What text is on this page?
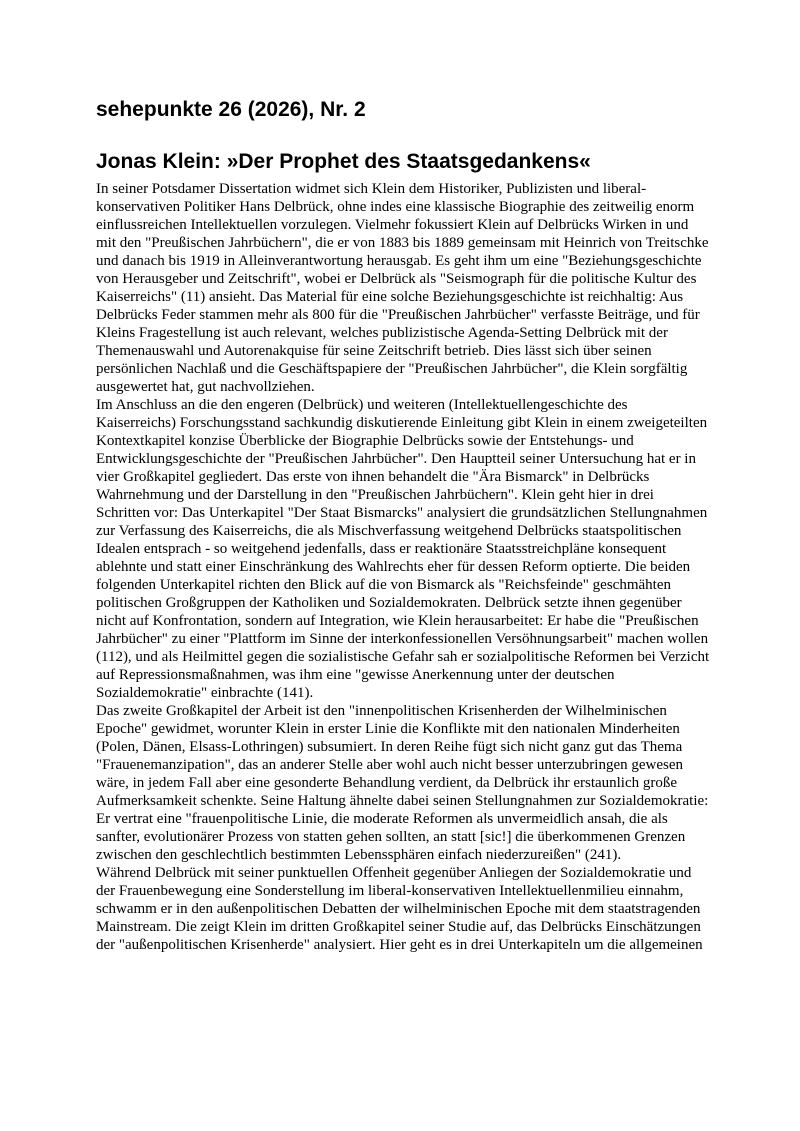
sehepunkte 26 (2026), Nr. 2
Jonas Klein: »Der Prophet des Staatsgedankens«

In seiner Potsdamer Dissertation widmet sich Klein dem Historiker, Publizisten und liberal-konservativen Politiker Hans Delbrück, ohne indes eine klassische Biographie des zeitweilig enorm einflussreichen Intellektuellen vorzulegen. Vielmehr fokussiert Klein auf Delbrücks Wirken in und mit den "Preußischen Jahrbüchern", die er von 1883 bis 1889 gemeinsam mit Heinrich von Treitschke und danach bis 1919 in Alleinverantwortung herausgab. Es geht ihm um eine "Beziehungsgeschichte von Herausgeber und Zeitschrift", wobei er Delbrück als "Seismograph für die politische Kultur des Kaiserreichs" (11) ansieht. Das Material für eine solche Beziehungsgeschichte ist reichhaltig: Aus Delbrücks Feder stammen mehr als 800 für die "Preußischen Jahrbücher" verfasste Beiträge, und für Kleins Fragestellung ist auch relevant, welches publizistische Agenda-Setting Delbrück mit der Themenauswahl und Autorenakquise für seine Zeitschrift betrieb. Dies lässt sich über seinen persönlichen Nachlaß und die Geschäftspapiere der "Preußischen Jahrbücher", die Klein sorgfältig ausgewertet hat, gut nachvollziehen.

Im Anschluss an die den engeren (Delbrück) und weiteren (Intellektuellengeschichte des Kaiserreichs) Forschungsstand sachkundig diskutierende Einleitung gibt Klein in einem zweigeteilten Kontextkapitel konzise Überblicke der Biographie Delbrücks sowie der Entstehungs- und Entwicklungsgeschichte der "Preußischen Jahrbücher". Den Hauptteil seiner Untersuchung hat er in vier Großkapitel gegliedert. Das erste von ihnen behandelt die "Ära Bismarck" in Delbrücks Wahrnehmung und der Darstellung in den "Preußischen Jahrbüchern". Klein geht hier in drei Schritten vor: Das Unterkapitel "Der Staat Bismarcks" analysiert die grundsätzlichen Stellungnahmen zur Verfassung des Kaiserreichs, die als Mischverfassung weitgehend Delbrücks staatspolitischen Idealen entsprach - so weitgehend jedenfalls, dass er reaktionäre Staatsstreichpläne konsequent ablehnte und statt einer Einschränkung des Wahlrechts eher für dessen Reform optierte. Die beiden folgenden Unterkapitel richten den Blick auf die von Bismarck als "Reichsfeinde" geschmähten politischen Großgruppen der Katholiken und Sozialdemokraten. Delbrück setzte ihnen gegenüber nicht auf Konfrontation, sondern auf Integration, wie Klein herausarbeitet: Er habe die "Preußischen Jahrbücher" zu einer "Plattform im Sinne der interkonfessionellen Versöhnungsarbeit" machen wollen (112), und als Heilmittel gegen die sozialistische Gefahr sah er sozialpolitische Reformen bei Verzicht auf Repressionsmaßnahmen, was ihm eine "gewisse Anerkennung unter der deutschen Sozialdemokratie" einbrachte (141).

Das zweite Großkapitel der Arbeit ist den "innenpolitischen Krisenherden der Wilhelminischen Epoche" gewidmet, worunter Klein in erster Linie die Konflikte mit den nationalen Minderheiten (Polen, Dänen, Elsass-Lothringen) subsumiert. In deren Reihe fügt sich nicht ganz gut das Thema "Frauenemanzipation", das an anderer Stelle aber wohl auch nicht besser unterzubringen gewesen wäre, in jedem Fall aber eine gesonderte Behandlung verdient, da Delbrück ihr erstaunlich große Aufmerksamkeit schenkte. Seine Haltung ähnelte dabei seinen Stellungnahmen zur Sozialdemokratie: Er vertrat eine "frauenpolitische Linie, die moderate Reformen als unvermeidlich ansah, die als sanfter, evolutionärer Prozess von statten gehen sollten, an statt [sic!] die überkommenen Grenzen zwischen den geschlechtlich bestimmten Lebenssphären einfach niederzureißen" (241).

Während Delbrück mit seiner punktuellen Offenheit gegenüber Anliegen der Sozialdemokratie und der Frauenbewegung eine Sonderstellung im liberal-konservativen Intellektuellenmilieu einnahm, schwamm er in den außenpolitischen Debatten der wilhelminischen Epoche mit dem staatstragenden Mainstream. Die zeigt Klein im dritten Großkapitel seiner Studie auf, das Delbrücks Einschätzungen der "außenpolitischen Krisenherde" analysiert. Hier geht es in drei Unterkapiteln um die allgemeinen
